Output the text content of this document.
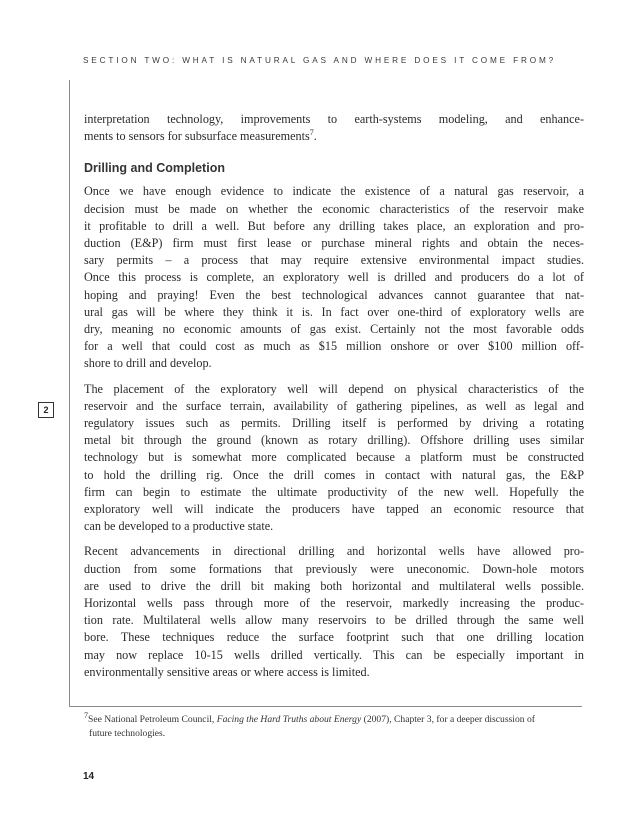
SECTION TWO: WHAT IS NATURAL GAS AND WHERE DOES IT COME FROM?
2

interpretation technology, improvements to earth-systems modeling, and enhance-
ments to sensors for subsurface measurements$^7$.

Drilling and Completion

Once we have enough evidence to indicate the existence of a natural gas reservoir, a
decision must be made on whether the economic characteristics of the reservoir make
it profitable to drill a well. But before any drilling takes place, an exploration and pro-
duction (E&P) firm must first lease or purchase mineral rights and obtain the neces-
sary permits – a process that may require extensive environmental impact studies.
Once this process is complete, an exploratory well is drilled and producers do a lot of
hoping and praying! Even the best technological advances cannot guarantee that nat-
ural gas will be where they think it is. In fact over one-third of exploratory wells are
dry, meaning no economic amounts of gas exist. Certainly not the most favorable odds
for a well that could cost as much as $15 million onshore or over $100 million off-
shore to drill and develop.

The placement of the exploratory well will depend on physical characteristics of the
reservoir and the surface terrain, availability of gathering pipelines, as well as legal and
regulatory issues such as permits. Drilling itself is performed by driving a rotating
metal bit through the ground (known as rotary drilling). Offshore drilling uses similar
technology but is somewhat more complicated because a platform must be constructed
to hold the drilling rig. Once the drill comes in contact with natural gas, the E&P
firm can begin to estimate the ultimate productivity of the new well. Hopefully the
exploratory well will indicate the producers have tapped an economic resource that
can be developed to a productive state.

Recent advancements in directional drilling and horizontal wells have allowed pro-
duction from some formations that previously were uneconomic. Down-hole motors
are used to drive the drill bit making both horizontal and multilateral wells possible.
Horizontal wells pass through more of the reservoir, markedly increasing the produc-
tion rate. Multilateral wells allow many reservoirs to be drilled through the same well
bore. These techniques reduce the surface footprint such that one drilling location
may now replace 10-15 wells drilled vertically. This can be especially important in
environmentally sensitive areas or where access is limited.

$^7$See National Petroleum Council, Facing the Hard Truths about Energy (2007), Chapter 3, for a deeper discussion of
future technologies.
14
